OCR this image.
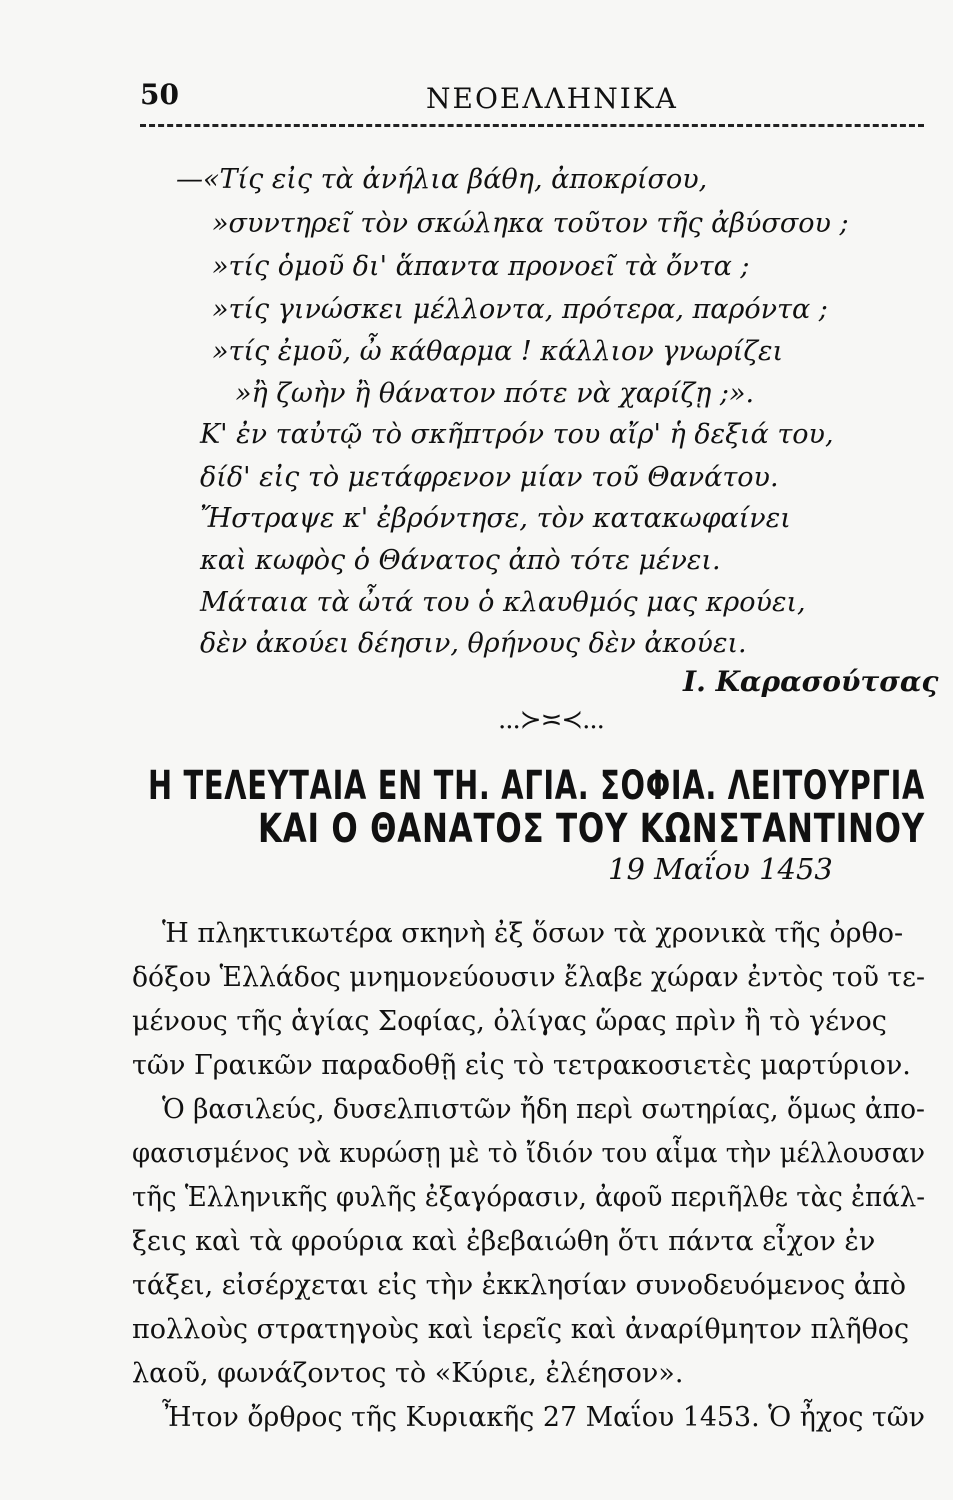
50	ΝΕΟΕΛΛΗΝΙΚΑ
—«Τίς εἰς τὰ ἀνήλια βάθη, ἀποκρίσου,
»συντηρεῖ τὸν σκώληκα τοῦτον τῆς ἀβύσσου ;
»τίς ὁμοῦ δι' ἅπαντα προνοεῖ τὰ ὄντα ;
»τίς γινώσκει μέλλοντα, πρότερα, παρόντα ;
»τίς ἐμοῦ, ὦ κάθαρμα ! κάλλιον γνωρίζει
»ἢ ζωὴν ἢ θάνατον πότε νὰ χαρίζῃ ;».
Κ' ἐν ταὐτῷ τὸ σκῆπτρόν του αἴρ' ἡ δεξιά του,
δίδ' εἰς τὸ μετάφρενον μίαν τοῦ Θανάτου.
Ἤστραψε κ' ἐβρόντησε, τὸν κατακωφαίνει
καὶ κωφὸς ὁ Θάνατος ἀπὸ τότε μένει.
Μάταια τὰ ὦτά του ὁ κλαυθμός μας κρούει,
δὲν ἀκούει δέησιν, θρήνους δὲν ἀκούει.
Ι. Καρασούτσας
...≻≍≺...
Η ΤΕΛΕΥΤΑΙΑ ΕΝ ΤΗ. ΑΓΙΑ. ΣΟΦΙΑ. ΛΕΙΤΟΥΡΓΙΑ
ΚΑΙ Ο ΘΑΝΑΤΟΣ ΤΟΥ ΚΩΝΣΤΑΝΤΙΝΟΥ
19 Μαΐου 1453
Ἡ πληκτικωτέρα σκηνὴ ἐξ ὅσων τὰ χρονικὰ τῆς ὀρθο-
δόξου Ἑλλάδος μνημονεύουσιν ἔλαβε χώραν ἐντὸς τοῦ τε-
μένους τῆς ἁγίας Σοφίας, ὀλίγας ὥρας πρὶν ἢ τὸ γένος
τῶν Γραικῶν παραδοθῇ εἰς τὸ τετρακοσιετὲς μαρτύριον.
Ὁ βασιλεύς, δυσελπιστῶν ἤδη περὶ σωτηρίας, ὅμως ἀπο-
φασισμένος νὰ κυρώσῃ μὲ τὸ ἴδιόν του αἷμα τὴν μέλλουσαν
τῆς Ἑλληνικῆς φυλῆς ἐξαγόρασιν, ἀφοῦ περιῆλθε τὰς ἐπάλ-
ξεις καὶ τὰ φρούρια καὶ ἐβεβαιώθη ὅτι πάντα εἶχον ἐν
τάξει, εἰσέρχεται εἰς τὴν ἐκκλησίαν συνοδευόμενος ἀπὸ
πολλοὺς στρατηγοὺς καὶ ἱερεῖς καὶ ἀναρίθμητον πλῆθος
λαοῦ, φωνάζοντος τὸ «Κύριε, ἐλέησον».
Ἦτον ὄρθρος τῆς Κυριακῆς 27 Μαΐου 1453. Ὁ ἦχος τῶν
